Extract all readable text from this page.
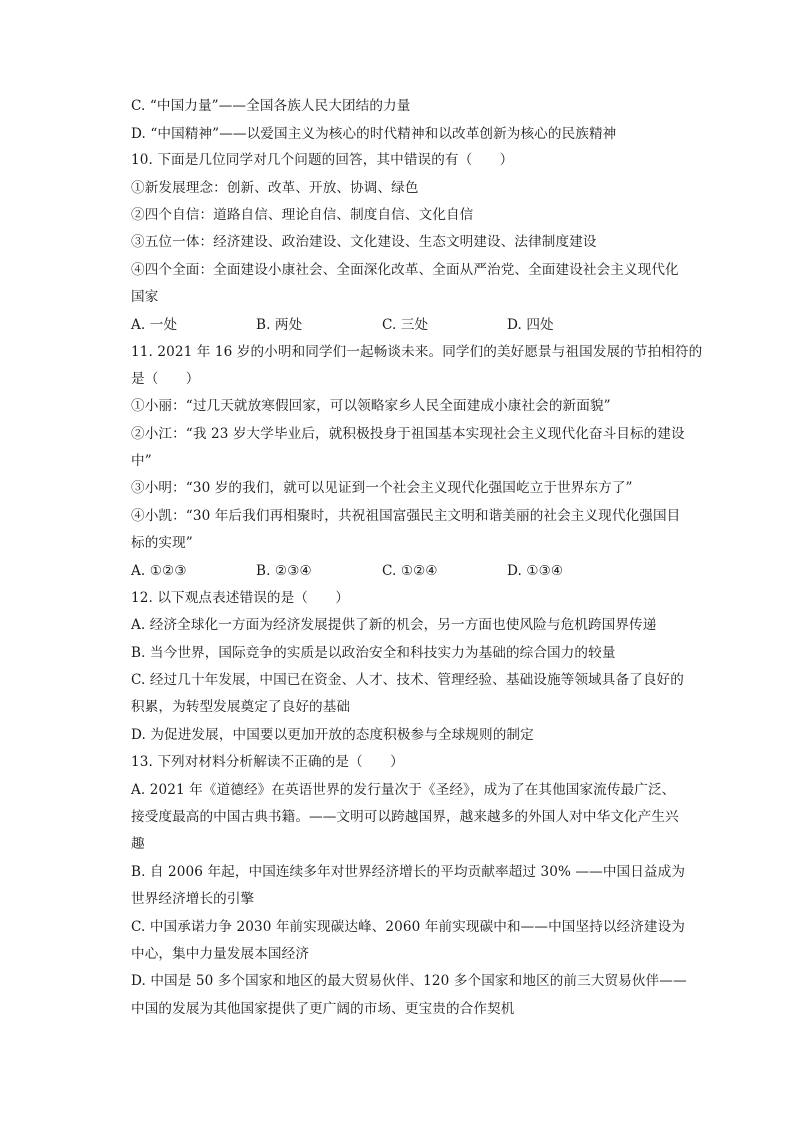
C. “中国力量”——全国各族人民大团结的力量
D. “中国精神”——以爱国主义为核心的时代精神和以改革创新为核心的民族精神
10. 下面是几位同学对几个问题的回答，其中错误的有（　　）
①新发展理念：创新、改革、开放、协调、绿色
②四个自信：道路自信、理论自信、制度自信、文化自信
③五位一体：经济建设、政治建设、文化建设、生态文明建设、法律制度建设
④四个全面：全面建设小康社会、全面深化改革、全面从严治党、全面建设社会主义现代化
国家
A. 一处	B. 两处	C. 三处	D. 四处
11. 2021 年 16 岁的小明和同学们一起畅谈未来。同学们的美好愿景与祖国发展的节拍相符的
是（　　）
①小丽：“过几天就放寒假回家，可以领略家乡人民全面建成小康社会的新面貌”
②小江：“我 23 岁大学毕业后，就积极投身于祖国基本实现社会主义现代化奋斗目标的建设
中”
③小明：“30 岁的我们，就可以见证到一个社会主义现代化强国屹立于世界东方了”
④小凯：“30 年后我们再相聚时，共祝祖国富强民主文明和谐美丽的社会主义现代化强国目
标的实现”
A. ①②③	B. ②③④	C. ①②④	D. ①③④
12. 以下观点表述错误的是（　　）
A. 经济全球化一方面为经济发展提供了新的机会，另一方面也使风险与危机跨国界传递
B. 当今世界，国际竞争的实质是以政治安全和科技实力为基础的综合国力的较量
C. 经过几十年发展，中国已在资金、人才、技术、管理经验、基础设施等领域具备了良好的
积累，为转型发展奠定了良好的基础
D. 为促进发展，中国要以更加开放的态度积极参与全球规则的制定
13. 下列对材料分析解读不正确的是（　　）
A. 2021 年《道德经》在英语世界的发行量次于《圣经》，成为了在其他国家流传最广泛、
接受度最高的中国古典书籍。——文明可以跨越国界，越来越多的外国人对中华文化产生兴
趣
B. 自 2006 年起，中国连续多年对世界经济增长的平均贡献率超过 30% ——中国日益成为
世界经济增长的引擎
C. 中国承诺力争 2030 年前实现碳达峰、2060 年前实现碳中和——中国坚持以经济建设为
中心，集中力量发展本国经济
D. 中国是 50 多个国家和地区的最大贸易伙伴、120 多个国家和地区的前三大贸易伙伴——
中国的发展为其他国家提供了更广阔的市场、更宝贵的合作契机
